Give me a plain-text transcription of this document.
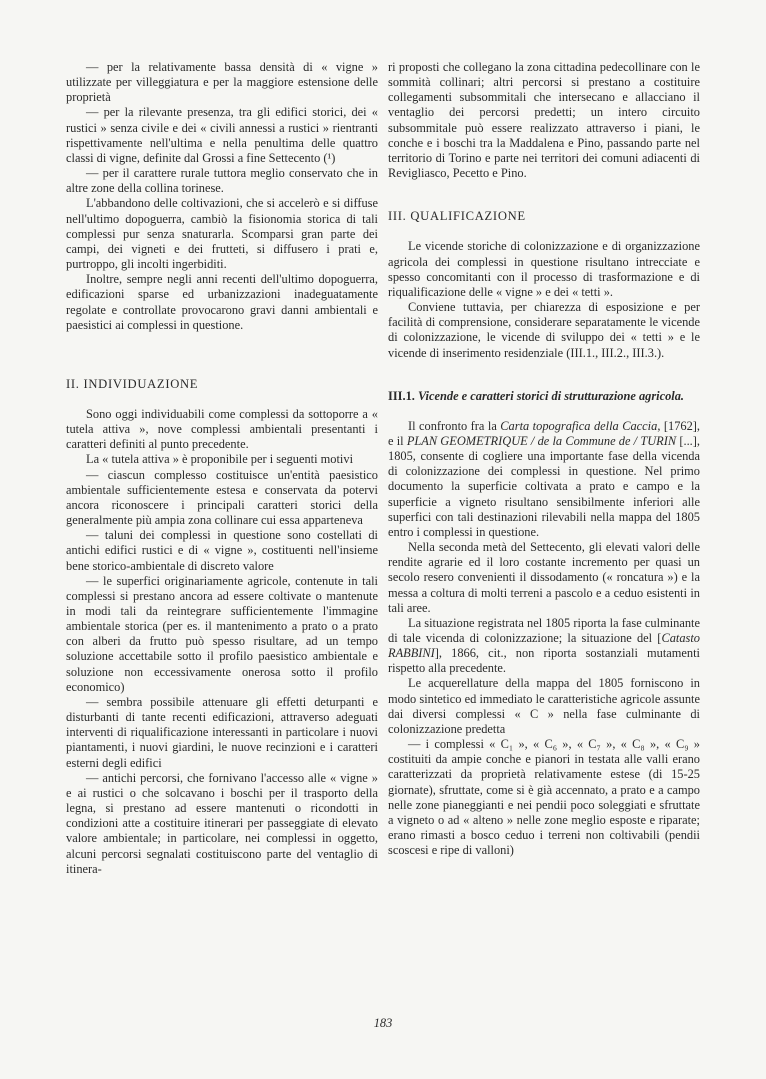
— per la relativamente bassa densità di « vigne » utilizzate per villeggiatura e per la maggiore estensione delle proprietà

— per la rilevante presenza, tra gli edifici storici, dei « rustici » senza civile e dei « civili annessi a rustici » rientranti rispettivamente nell'ultima e nella penultima delle quattro classi di vigne, definite dal Grossi a fine Settecento (¹)

— per il carattere rurale tuttora meglio conservato che in altre zone della collina torinese.

L'abbandono delle coltivazioni, che si accelerò e si diffuse nell'ultimo dopoguerra, cambiò la fisionomia storica di tali complessi pur senza snaturarla. Scomparsi gran parte dei campi, dei vigneti e dei frutteti, si diffusero i prati e, purtroppo, gli incolti ingerbiditi.

Inoltre, sempre negli anni recenti dell'ultimo dopoguerra, edificazioni sparse ed urbanizzazioni inadeguatamente regolate e controllate provocarono gravi danni ambientali e paesistici ai complessi in questione.

II. INDIVIDUAZIONE

Sono oggi individuabili come complessi da sottoporre a « tutela attiva », nove complessi ambientali presentanti i caratteri definiti al punto precedente.

La « tutela attiva » è proponibile per i seguenti motivi

— ciascun complesso costituisce un'entità paesistico ambientale sufficientemente estesa e conservata da potervi ancora riconoscere i principali caratteri storici della generalmente più ampia zona collinare cui essa appartenevа

— taluni dei complessi in questione sono costellati di antichi edifici rustici e di « vigne », costituenti nell'insieme bene storico-ambientale di discreto valore

— le superfici originariamente agricole, contenute in tali complessi si prestano ancora ad essere coltivate o mantenute in modi tali da reintegrare sufficientemente l'immagine ambientale storica (per es. il mantenimento a prato o a prato con alberi da frutto può spesso risultare, ad un tempo soluzione accettabile sotto il profilo paesistico ambientale e soluzione non eccessivamente onerosa sotto il profilo economico)

— sembra possibile attenuare gli effetti deturpanti e disturbanti di tante recenti edificazioni, attraverso adeguati interventi di riqualificazione interessanti in particolare i nuovi piantamenti, i nuovi giardini, le nuove recinzioni e i caratteri esterni degli edifici

— antichi percorsi, che fornivano l'accesso alle « vigne » e ai rustici o che solcavano i boschi per il trasporto della legna, si prestano ad essere mantenuti o ricondotti in condizioni atte a costituire itinerari per passeggiate di elevato valore ambientale; in particolare, nei complessi in oggetto, alcuni percorsi segnalati costituiscono parte del ventaglio di itinera-

ri proposti che collegano la zona cittadina pedecollinare con le sommità collinari; altri percorsi si prestano a costituire collegamenti subsommitali che intersecano e allacciano il ventaglio dei percorsi predetti; un intero circuito subsommitale può essere realizzato attraverso i piani, le conche e i boschi tra la Maddalena e Pino, passando parte nel territorio di Torino e parte nei territori dei comuni adiacenti di Revigliasco, Pecetto e Pino.

III. QUALIFICAZIONE

Le vicende storiche di colonizzazione e di organizzazione agricola dei complessi in questione risultano intrecciate e spesso concomitanti con il processo di trasformazione e di riqualificazione delle « vigne » e dei « tetti ».

Conviene tuttavia, per chiarezza di esposizione e per facilità di comprensione, considerare separatamente le vicende di colonizzazione, le vicende di sviluppo dei « tetti » e le vicende di inserimento residenziale (III.1., III.2., III.3.).

III.1. Vicende e caratteri storici di strutturazione agricola.

Il confronto fra la Carta topografica della Caccia, [1762], e il PLAN GEOMETRIQUE / de la Commune de / TURIN [...], 1805, consente di cogliere una importante fase della vicenda di colonizzazione dei complessi in questione. Nel primo documento la superficie coltivata a prato e campo e la superficie a vigneto risultano sensibilmente inferiori alle superfici con tali destinazioni rilevabili nella mappa del 1805 entro i complessi in questione.

Nella seconda metà del Settecento, gli elevati valori delle rendite agrarie ed il loro costante incremento per quasi un secolo resero convenienti il dissodamento (« roncatura ») e la messa a coltura di molti terreni a pascolo e a ceduo esistenti in tali aree.

La situazione registrata nel 1805 riporta la fase culminante di tale vicenda di colonizzazione; la situazione del [Catasto RABBINI], 1866, cit., non riporta sostanziali mutamenti rispetto alla precedente.

Le acquerellature della mappa del 1805 forniscono in modo sintetico ed immediato le caratteristiche agricole assunte dai diversi complessi « C » nella fase culminante di colonizzazione predetta

— i complessi « C₁ », « C₆ », « C₇ », « C₈ », « C₉ » costituiti da ampie conche e pianori in testata alle valli erano caratterizzati da proprietà relativamente estese (di 15-25 giornate), sfruttate, come si è già accennato, a prato e a campo nelle zone pianeggianti e nei pendii poco soleggiati e sfruttate a vigneto o ad « alteno » nelle zone meglio esposte e riparate; erano rimasti a bosco ceduo i terreni non coltivabili (pendii scoscesi e ripe di valloni)

183
